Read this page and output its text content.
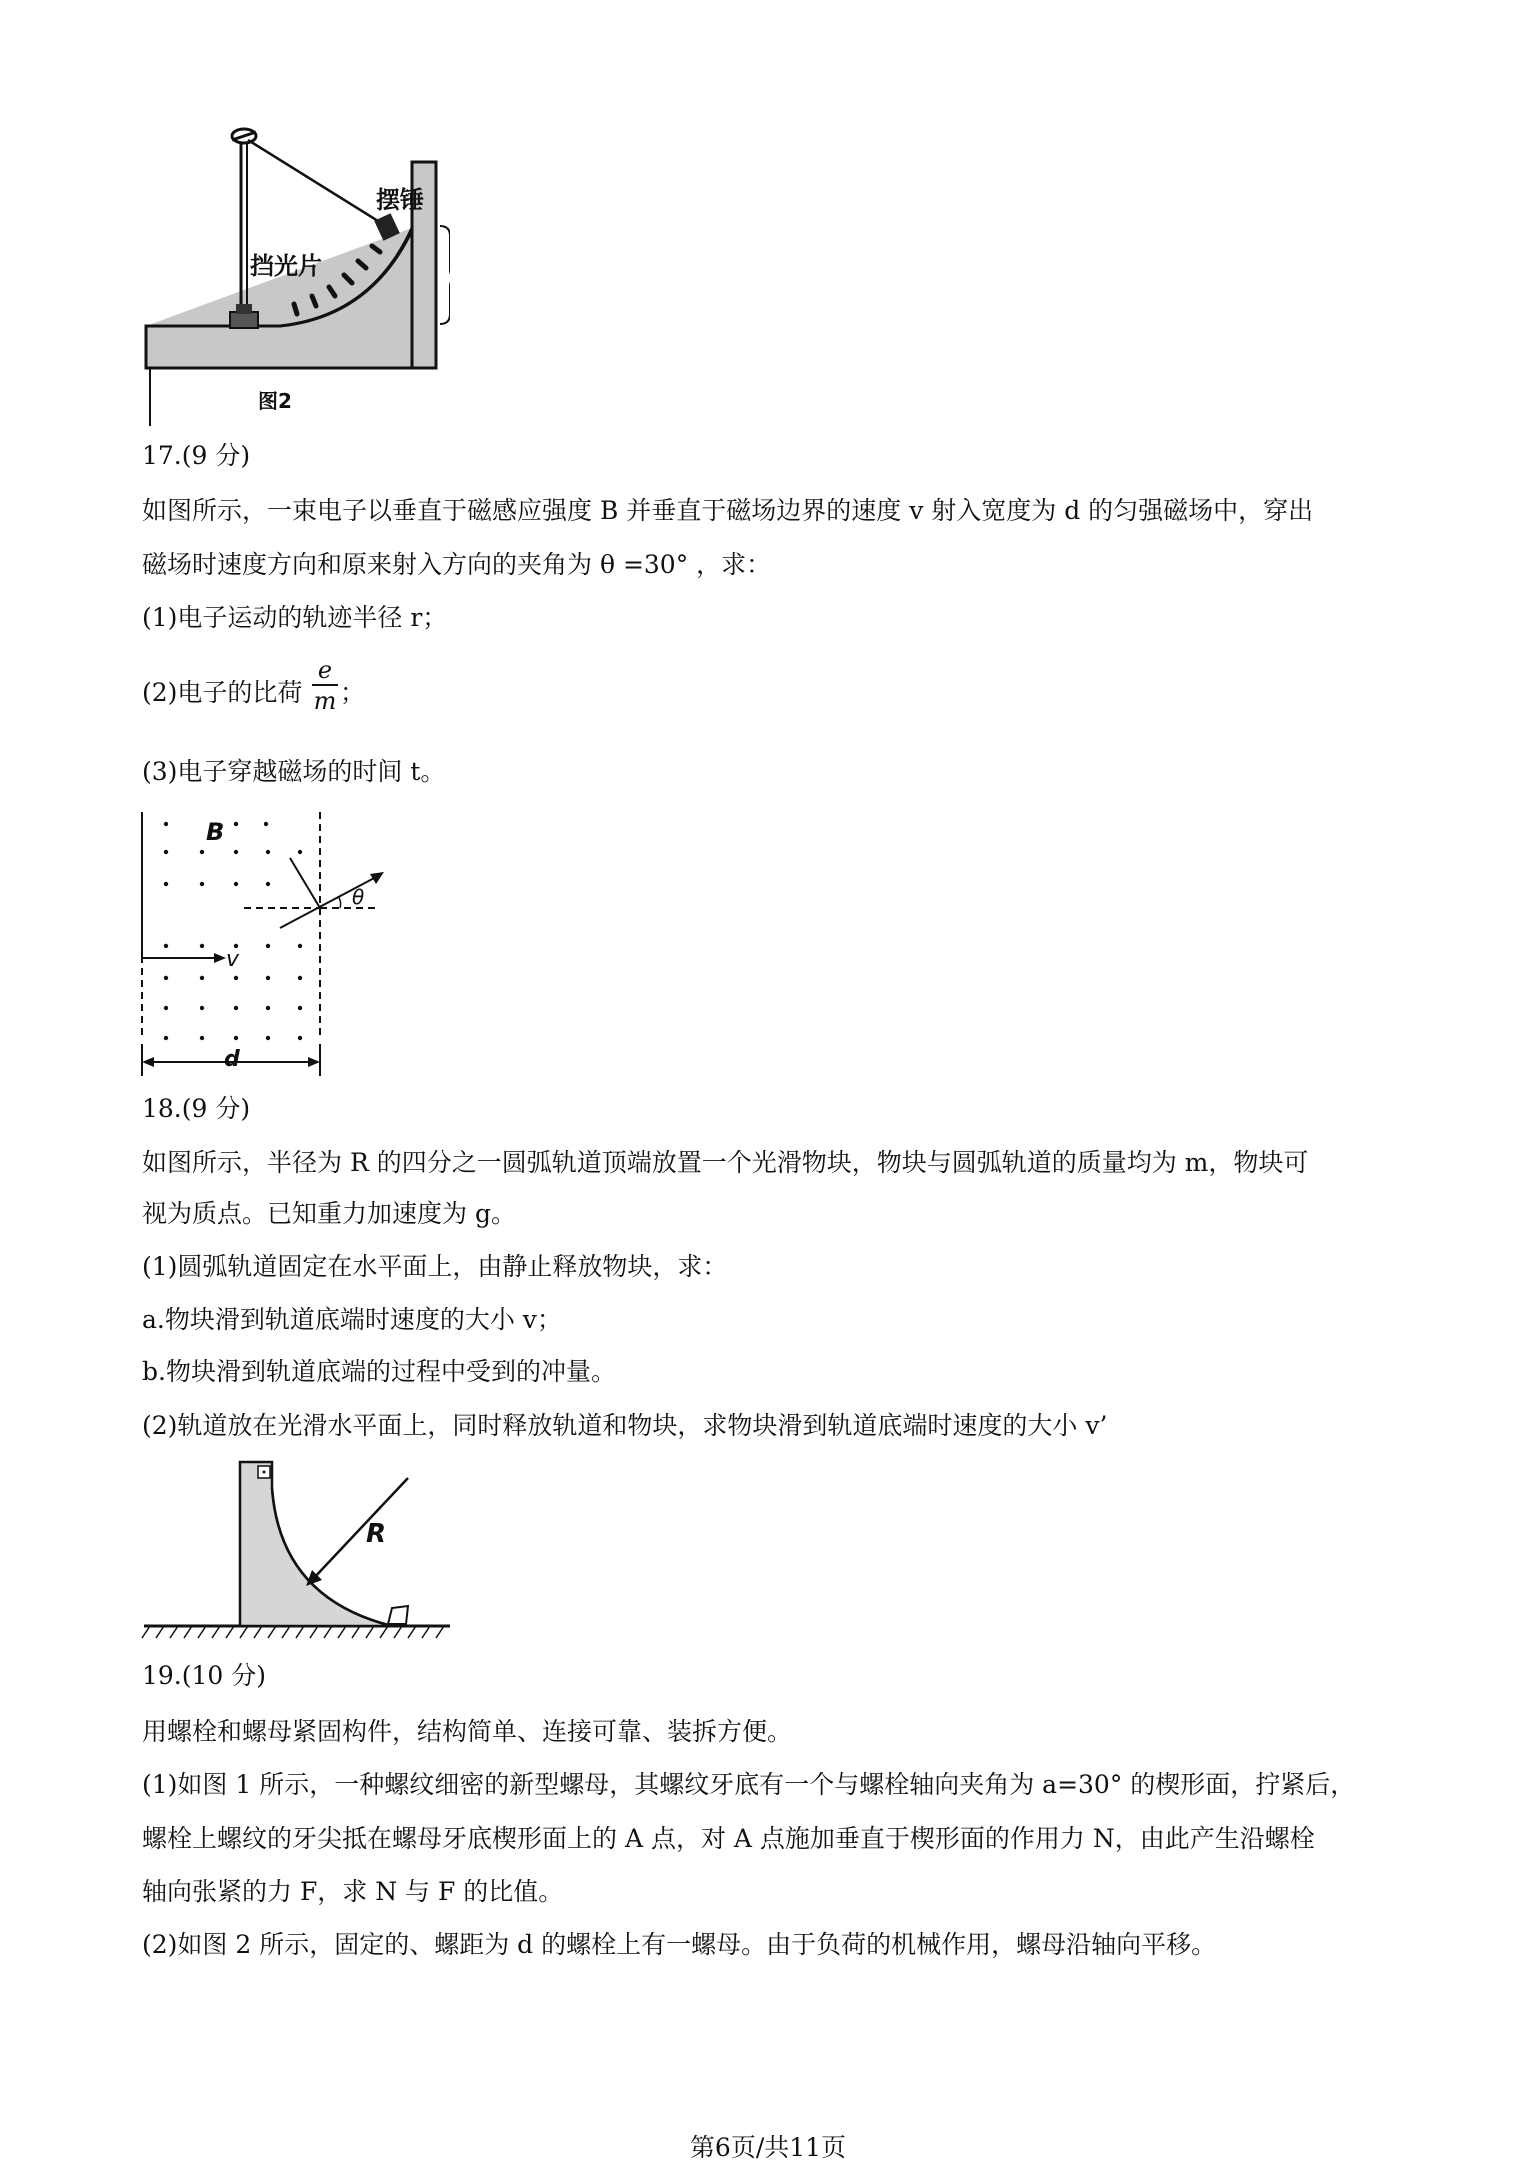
摆锤
挡光片
图2
17.(9 分)
如图所示，一束电子以垂直于磁感应强度 B 并垂直于磁场边界的速度 v 射入宽度为 d 的匀强磁场中，穿出
磁场时速度方向和原来射入方向的夹角为 θ =30° ，求：
(1)电子运动的轨迹半径 r；
(2)电子的比荷
e
m ；
(3)电子穿越磁场的时间 t。
B
v
θ
d
18.(9 分)
如图所示，半径为 R 的四分之一圆弧轨道顶端放置一个光滑物块，物块与圆弧轨道的质量均为 m，物块可
视为质点。已知重力加速度为 g。
(1)圆弧轨道固定在水平面上，由静止释放物块，求：
a.物块滑到轨道底端时速度的大小 v；
b.物块滑到轨道底端的过程中受到的冲量。
(2)轨道放在光滑水平面上，同时释放轨道和物块，求物块滑到轨道底端时速度的大小 v’
R
19.(10 分)
用螺栓和螺母紧固构件，结构简单、连接可靠、装拆方便。
(1)如图 1 所示，一种螺纹细密的新型螺母，其螺纹牙底有一个与螺栓轴向夹角为 a=30° 的楔形面，拧紧后，
螺栓上螺纹的牙尖抵在螺母牙底楔形面上的 A 点，对 A 点施加垂直于楔形面的作用力 N，由此产生沿螺栓
轴向张紧的力 F，求 N 与 F 的比值。
(2)如图 2 所示，固定的、螺距为 d 的螺栓上有一螺母。由于负荷的机械作用，螺母沿轴向平移。
第6页/共11页
